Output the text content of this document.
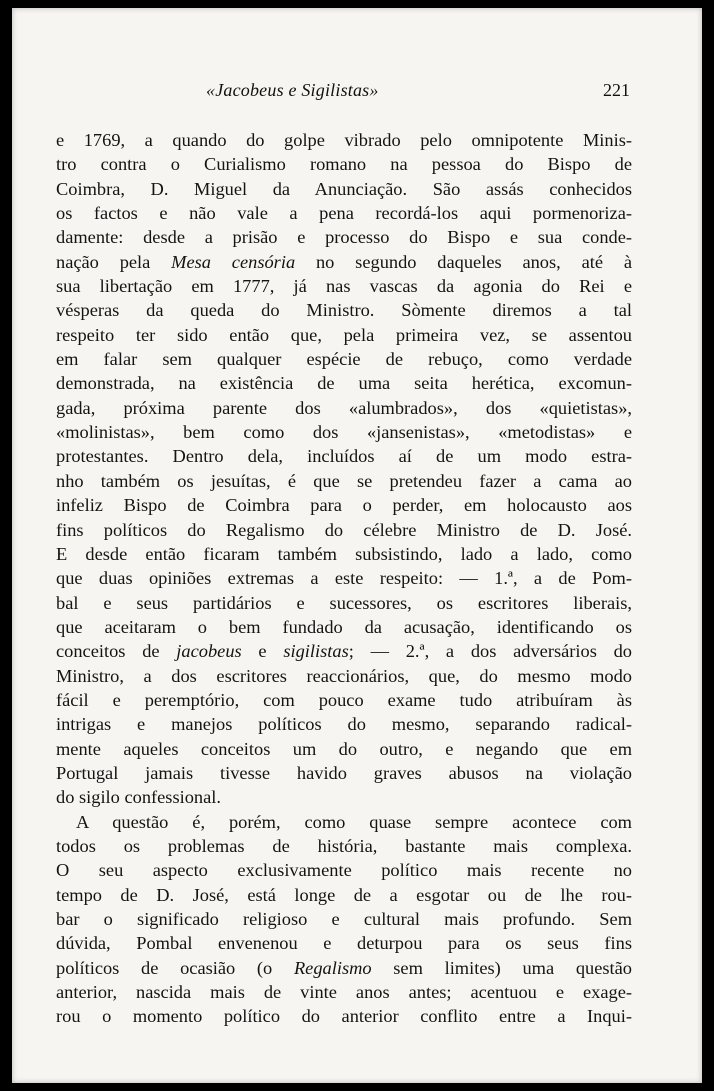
«Jacobeus e Sigilistas»	221
e 1769, a quando do golpe vibrado pelo omnipotente Minis-
tro contra o Curialismo romano na pessoa do Bispo de
Coimbra, D. Miguel da Anunciação. São assás conhecidos
os factos e não vale a pena recordá-los aqui pormenoriza-
damente: desde a prisão e processo do Bispo e sua conde-
nação pela Mesa censória no segundo daqueles anos, até à
sua libertação em 1777, já nas vascas da agonia do Rei e
vésperas da queda do Ministro. Sòmente diremos a tal
respeito ter sido então que, pela primeira vez, se assentou
em falar sem qualquer espécie de rebuço, como verdade
demonstrada, na existência de uma seita herética, excomun-
gada, próxima parente dos «alumbrados», dos «quietistas»,
«molinistas», bem como dos «jansenistas», «metodistas» e
protestantes. Dentro dela, incluídos aí de um modo estra-
nho também os jesuítas, é que se pretendeu fazer a cama ao
infeliz Bispo de Coimbra para o perder, em holocausto aos
fins políticos do Regalismo do célebre Ministro de D. José.
E desde então ficaram também subsistindo, lado a lado, como
que duas opiniões extremas a este respeito: — 1.ª, a de Pom-
bal e seus partidários e sucessores, os escritores liberais,
que aceitaram o bem fundado da acusação, identificando os
conceitos de jacobeus e sigilistas; — 2.ª, a dos adversários do
Ministro, a dos escritores reaccionários, que, do mesmo modo
fácil e peremptório, com pouco exame tudo atribuíram às
intrigas e manejos políticos do mesmo, separando radical-
mente aqueles conceitos um do outro, e negando que em
Portugal jamais tivesse havido graves abusos na violação
do sigilo confessional.
A questão é, porém, como quase sempre acontece com
todos os problemas de história, bastante mais complexa.
O seu aspecto exclusivamente político mais recente no
tempo de D. José, está longe de a esgotar ou de lhe rou-
bar o significado religioso e cultural mais profundo. Sem
dúvida, Pombal envenenou e deturpou para os seus fins
políticos de ocasião (o Regalismo sem limites) uma questão
anterior, nascida mais de vinte anos antes; acentuou e exage-
rou o momento político do anterior conflito entre a Inqui-
